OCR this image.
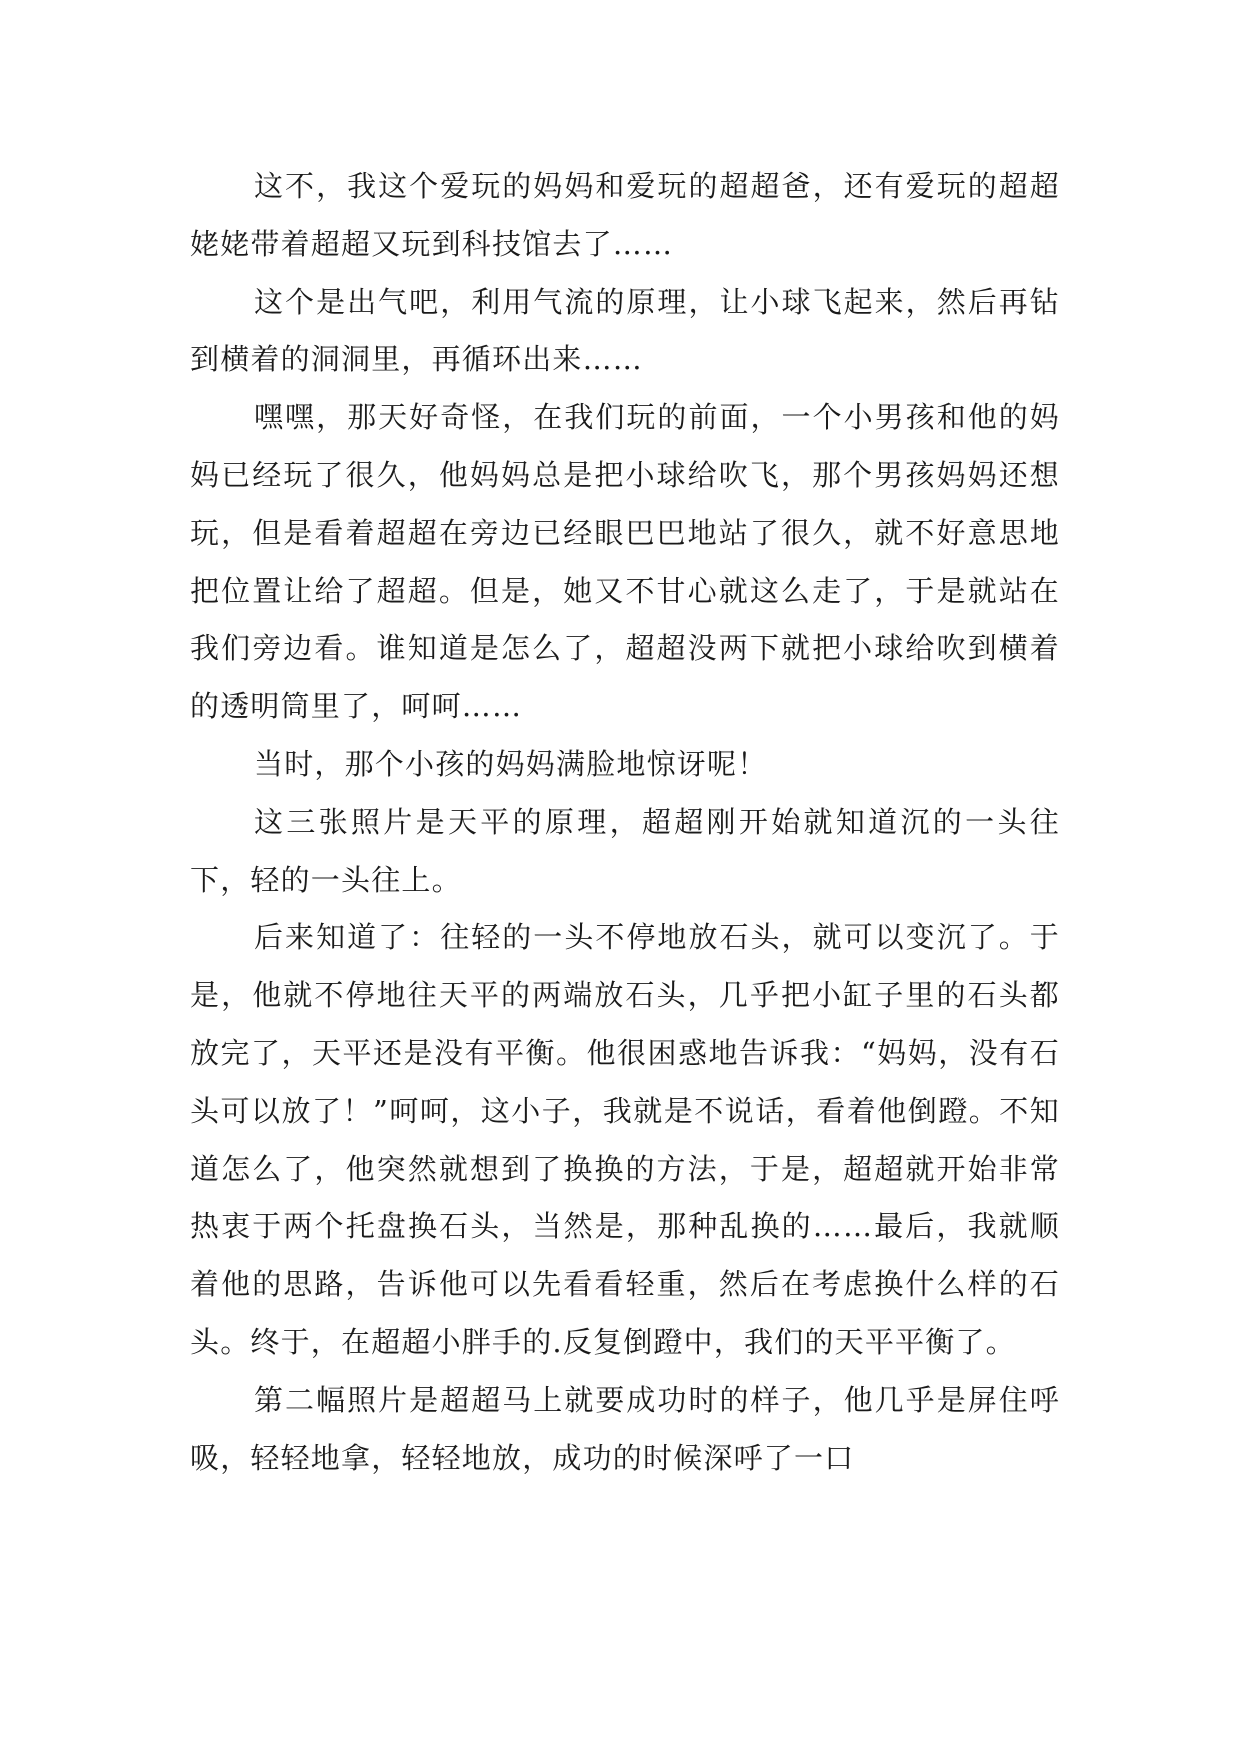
这不，我这个爱玩的妈妈和爱玩的超超爸，还有爱玩的超超姥姥带着超超又玩到科技馆去了……

这个是出气吧，利用气流的原理，让小球飞起来，然后再钻到横着的洞洞里，再循环出来……

嘿嘿，那天好奇怪，在我们玩的前面，一个小男孩和他的妈妈已经玩了很久，他妈妈总是把小球给吹飞，那个男孩妈妈还想玩，但是看着超超在旁边已经眼巴巴地站了很久，就不好意思地把位置让给了超超。但是，她又不甘心就这么走了，于是就站在我们旁边看。谁知道是怎么了，超超没两下就把小球给吹到横着的透明筒里了，呵呵……

当时，那个小孩的妈妈满脸地惊讶呢！

这三张照片是天平的原理，超超刚开始就知道沉的一头往下，轻的一头往上。

后来知道了：往轻的一头不停地放石头，就可以变沉了。于是，他就不停地往天平的两端放石头，几乎把小缸子里的石头都放完了，天平还是没有平衡。他很困惑地告诉我：“妈妈，没有石头可以放了！”呵呵，这小子，我就是不说话，看着他倒蹬。不知道怎么了，他突然就想到了换换的方法，于是，超超就开始非常热衷于两个托盘换石头，当然是，那种乱换的……最后，我就顺着他的思路，告诉他可以先看看轻重，然后在考虑换什么样的石头。终于，在超超小胖手的.反复倒蹬中，我们的天平平衡了。

第二幅照片是超超马上就要成功时的样子，他几乎是屏住呼吸，轻轻地拿，轻轻地放，成功的时候深呼了一口
